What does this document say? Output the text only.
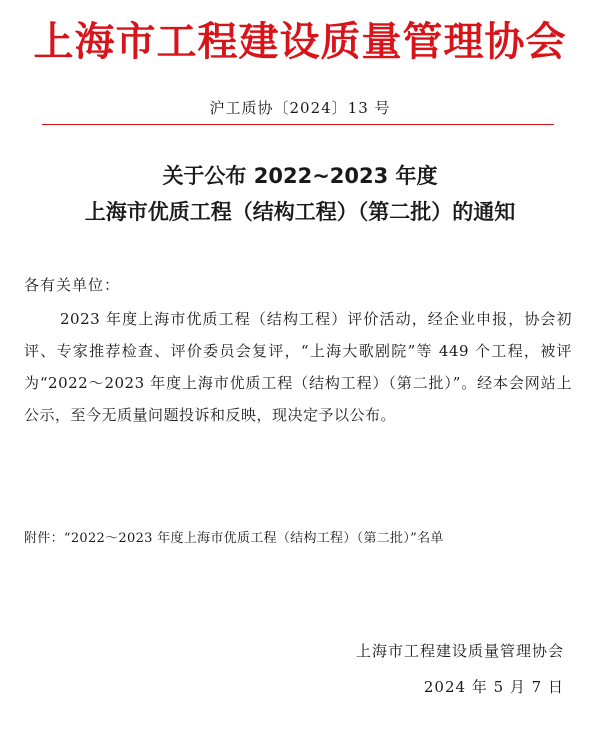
上海市工程建设质量管理协会
沪工质协〔2024〕13 号
关于公布 2022~2023 年度
上海市优质工程（结构工程）（第二批）的通知
各有关单位：
2023 年度上海市优质工程（结构工程）评价活动，经企业申报，协会初评、专家推荐检查、评价委员会复评，“上海大歌剧院”等 449 个工程，被评为“2022～2023 年度上海市优质工程（结构工程）（第二批）”。经本会网站上公示，至今无质量问题投诉和反映，现决定予以公布。
附件：“2022～2023 年度上海市优质工程（结构工程）（第二批）”名单
上海市工程建设质量管理协会
2024 年 5 月 7 日
